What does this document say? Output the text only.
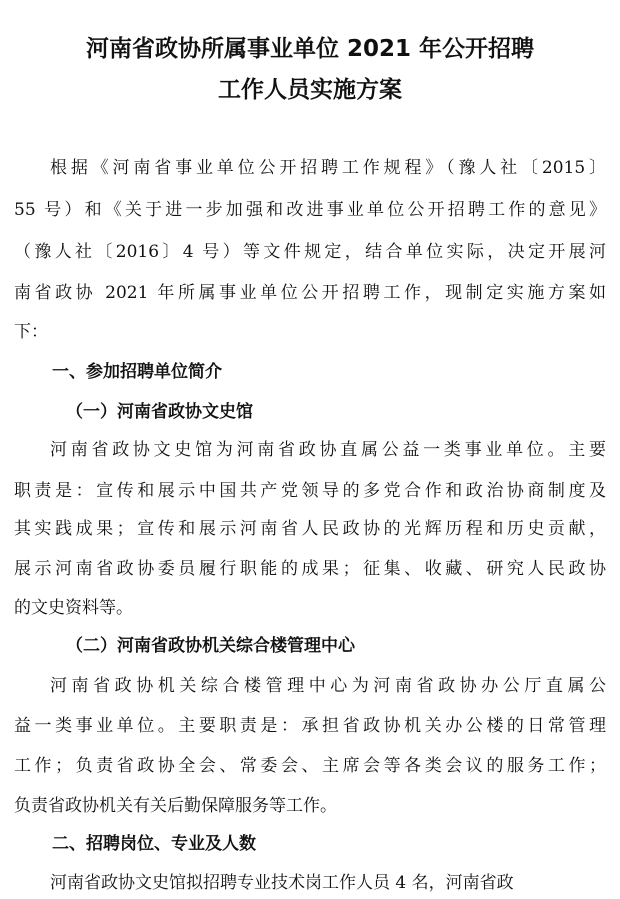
河南省政协所属事业单位 2021 年公开招聘
工作人员实施方案

根据《河南省事业单位公开招聘工作规程》（豫人社〔2015〕

55 号）和《关于进一步加强和改进事业单位公开招聘工作的意见》

（豫人社〔2016〕4 号）等文件规定，结合单位实际，决定开展河

南省政协 2021 年所属事业单位公开招聘工作，现制定实施方案如

下：

一、参加招聘单位简介
（一）河南省政协文史馆

河南省政协文史馆为河南省政协直属公益一类事业单位。主要

职责是：宣传和展示中国共产党领导的多党合作和政治协商制度及

其实践成果；宣传和展示河南省人民政协的光辉历程和历史贡献，

展示河南省政协委员履行职能的成果；征集、收藏、研究人民政协

的文史资料等。

（二）河南省政协机关综合楼管理中心

河南省政协机关综合楼管理中心为河南省政协办公厅直属公

益一类事业单位。主要职责是：承担省政协机关办公楼的日常管理

工作；负责省政协全会、常委会、主席会等各类会议的服务工作；

负责省政协机关有关后勤保障服务等工作。

二、招聘岗位、专业及人数

河南省政协文史馆拟招聘专业技术岗工作人员 4 名，河南省政
